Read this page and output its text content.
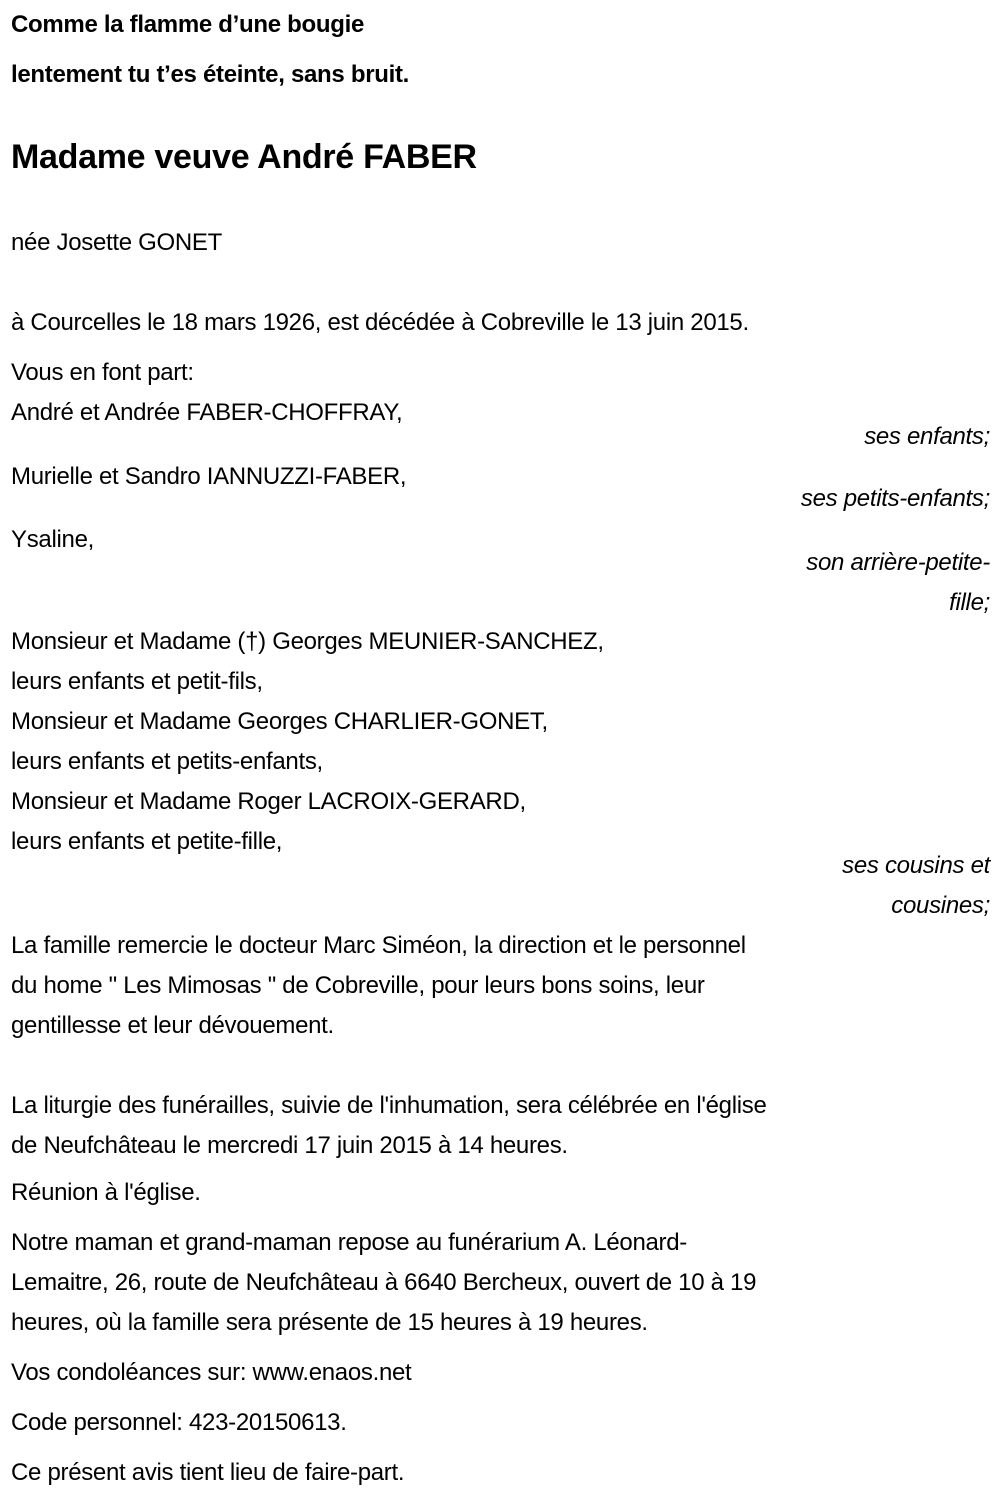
Comme la flamme d’une bougie
lentement tu t’es éteinte, sans bruit.
Madame veuve André FABER
née Josette GONET
à Courcelles le 18 mars 1926, est décédée à Cobreville le 13 juin 2015.
Vous en font part:
André et Andrée FABER-CHOFFRAY,
ses enfants;
Murielle et Sandro IANNUZZI-FABER,
ses petits-enfants;
Ysaline,
son arrière-petite-
fille;
Monsieur et Madame (†) Georges MEUNIER-SANCHEZ,
leurs enfants et petit-fils,
Monsieur et Madame Georges CHARLIER-GONET,
leurs enfants et petits-enfants,
Monsieur et Madame Roger LACROIX-GERARD,
leurs enfants et petite-fille,
ses cousins et
cousines;
La famille remercie le docteur Marc Siméon, la direction et le personnel
du home " Les Mimosas " de Cobreville, pour leurs bons soins, leur
gentillesse et leur dévouement.
La liturgie des funérailles, suivie de l'inhumation, sera célébrée en l'église
de Neufchâteau le mercredi 17 juin 2015 à 14 heures.
Réunion à l'église.
Notre maman et grand-maman repose au funérarium A. Léonard-
Lemaitre, 26, route de Neufchâteau à 6640 Bercheux, ouvert de 10 à 19
heures, où la famille sera présente de 15 heures à 19 heures.
Vos condoléances sur: www.enaos.net
Code personnel: 423-20150613.
Ce présent avis tient lieu de faire-part.
